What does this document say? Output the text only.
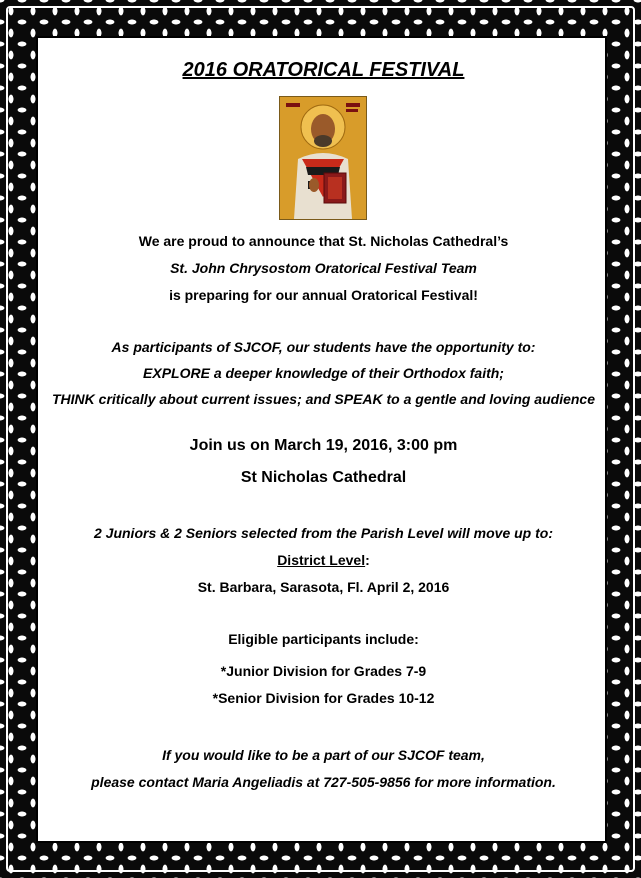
2016 ORATORICAL FESTIVAL
We are proud to announce that St. Nicholas Cathedral’s
St. John Chrysostom Oratorical Festival Team
is preparing for our annual Oratorical Festival!
As participants of SJCOF, our students have the opportunity to:
EXPLORE a deeper knowledge of their Orthodox faith;
THINK critically about current issues; and SPEAK to a gentle and loving audience
Join us on March 19, 2016, 3:00 pm
St Nicholas Cathedral
2 Juniors & 2 Seniors selected from the Parish Level will move up to:
District Level:
St. Barbara, Sarasota, Fl. April 2, 2016
Eligible participants include:
*Junior Division for Grades 7-9
*Senior Division for Grades 10-12
If you would like to be a part of our SJCOF team,
please contact Maria Angeliadis at 727-505-9856 for more information.
